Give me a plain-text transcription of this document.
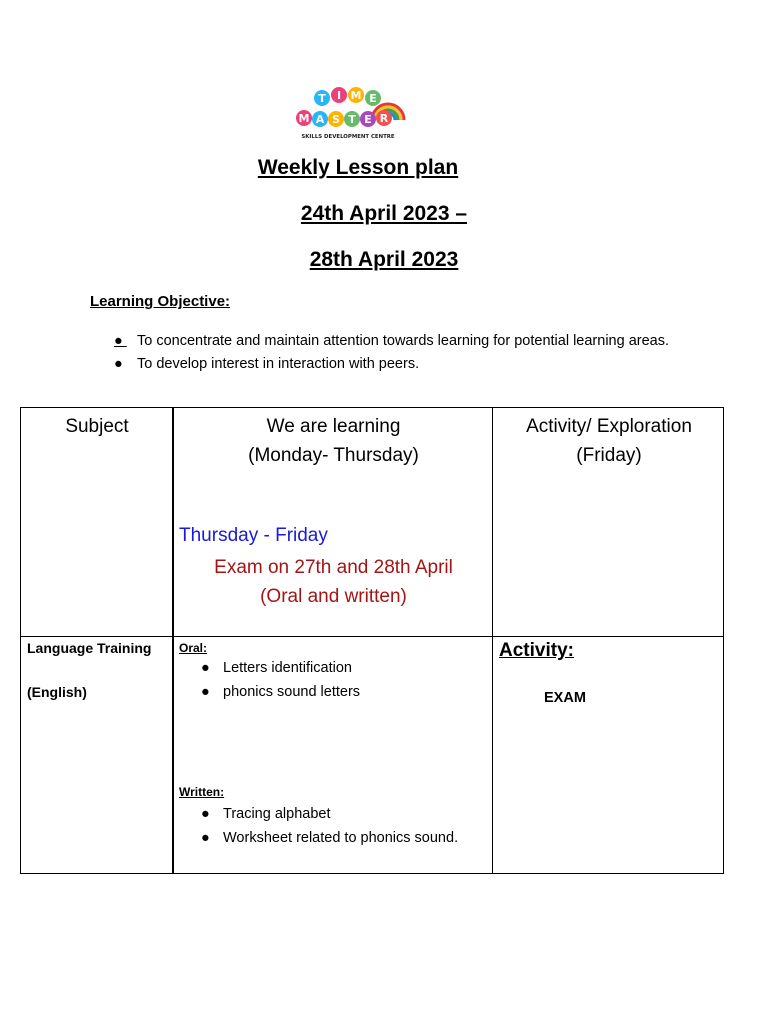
T I M E
M A S T E R
SKILLS DEVELOPMENT CENTRE
Weekly Lesson plan
24th April 2023 –
28th April 2023
Learning Objective:
● To concentrate and maintain attention towards learning for potential learning areas.
● To develop interest in interaction with peers.
Subject	We are learning
(Monday- Thursday)
Activity/ Exploration
(Friday)
Thursday - Friday
Exam on 27th and 28th April
(Oral and written)
Language Training
(English)
Oral:
● Letters identification
● phonics sound letters
Written:
● Tracing alphabet
● Worksheet related to phonics sound.
Activity:
EXAM
